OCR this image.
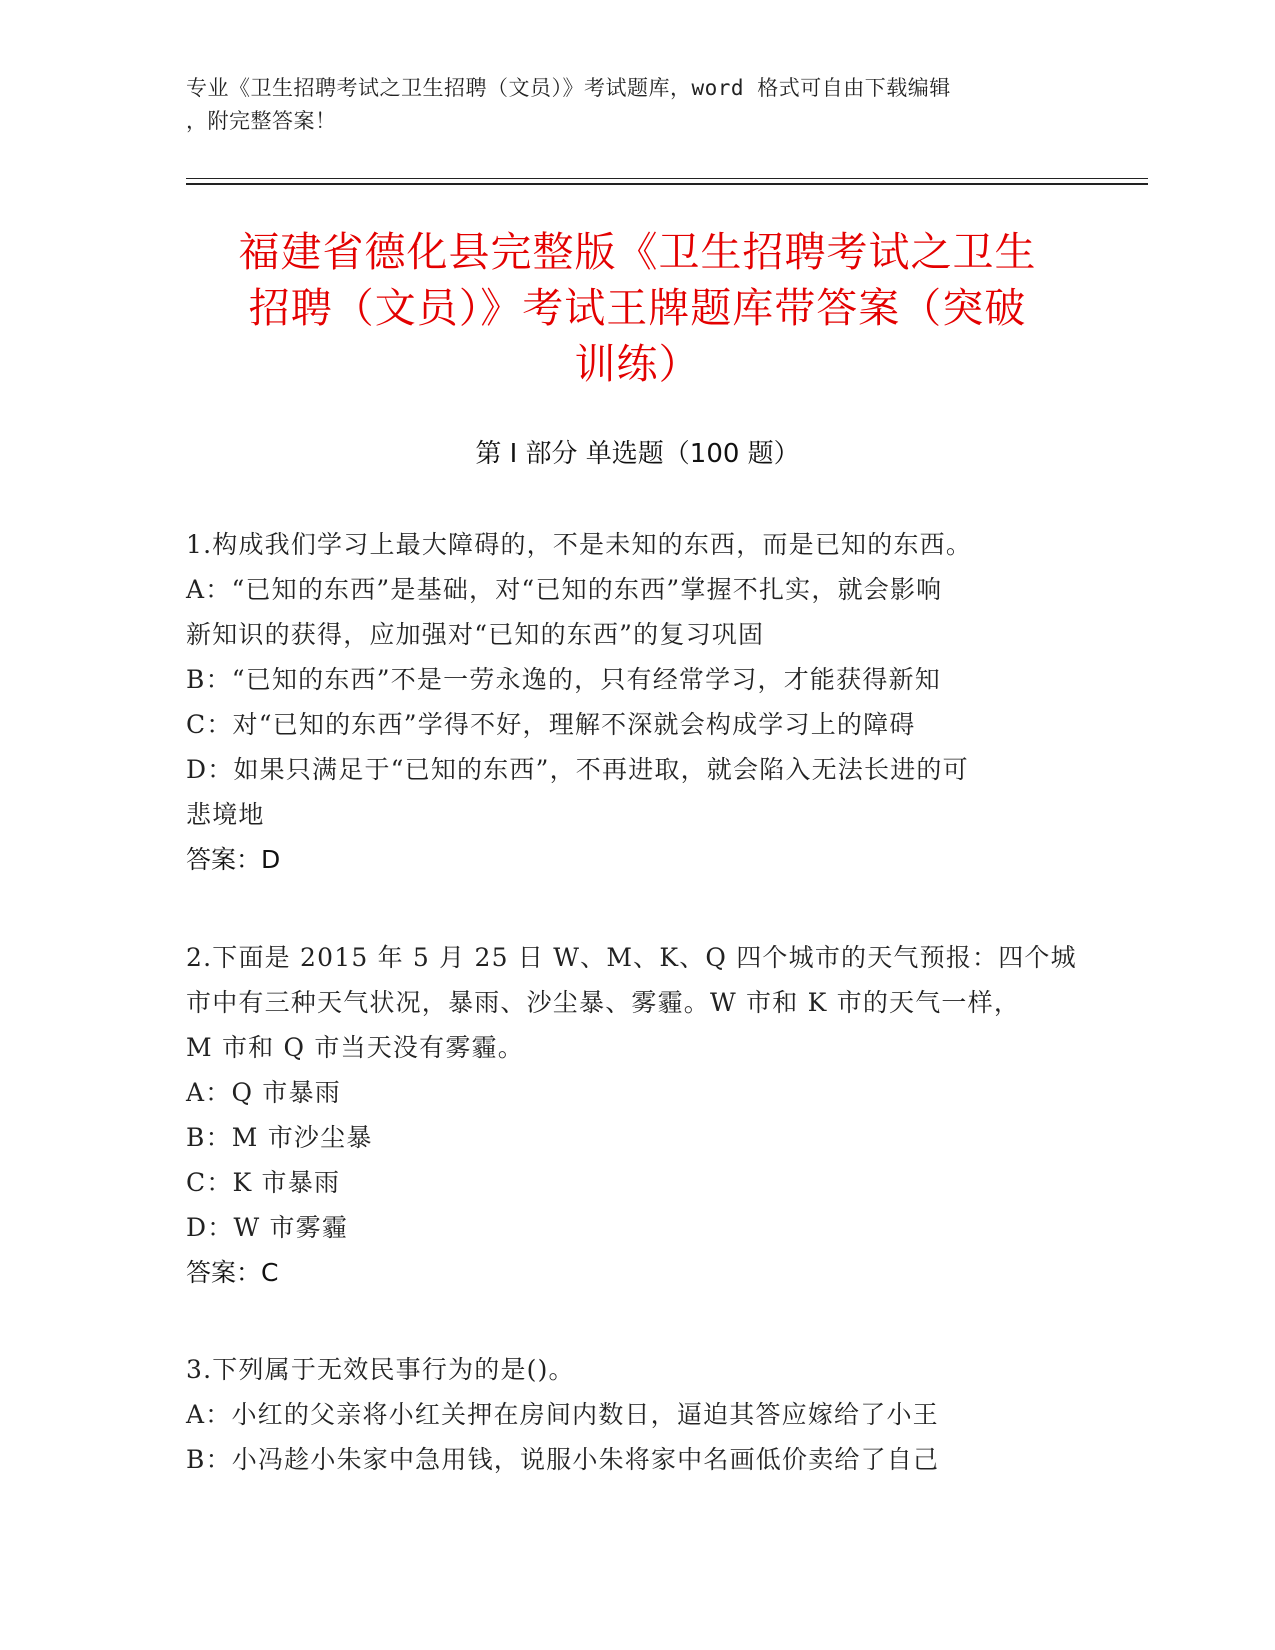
专业《卫生招聘考试之卫生招聘（文员）》考试题库，word 格式可自由下载编辑
，附完整答案！
福建省德化县完整版《卫生招聘考试之卫生
招聘（文员）》考试王牌题库带答案（突破
训练）
第 I 部分 单选题（100 题）
1.构成我们学习上最大障碍的，不是未知的东西，而是已知的东西。
A：“已知的东西”是基础，对“已知的东西”掌握不扎实，就会影响
新知识的获得，应加强对“已知的东西”的复习巩固
B：“已知的东西”不是一劳永逸的，只有经常学习，才能获得新知
C：对“已知的东西”学得不好，理解不深就会构成学习上的障碍
D：如果只满足于“已知的东西”，不再进取，就会陷入无法长进的可
悲境地
答案：D
2.下面是 2015 年 5 月 25 日 W、M、K、Q 四个城市的天气预报：四个城
市中有三种天气状况，暴雨、沙尘暴、雾霾。W 市和 K 市的天气一样，
M 市和 Q 市当天没有雾霾。
A：Q 市暴雨
B：M 市沙尘暴
C：K 市暴雨
D：W 市雾霾
答案：C
3.下列属于无效民事行为的是()。
A：小红的父亲将小红关押在房间内数日，逼迫其答应嫁给了小王
B：小冯趁小朱家中急用钱，说服小朱将家中名画低价卖给了自己
